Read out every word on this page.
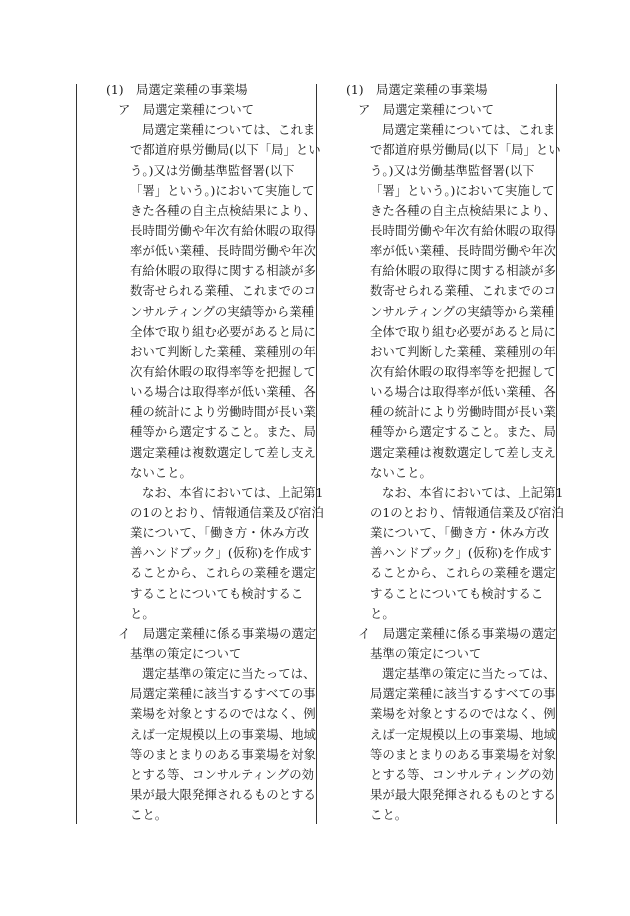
(1)　局選定業種の事業場
ア　局選定業種について
局選定業種については、これま
で都道府県労働局(以下「局」とい
う。)又は労働基準監督署(以下
「署」という。)において実施して
きた各種の自主点検結果により、
長時間労働や年次有給休暇の取得
率が低い業種、長時間労働や年次
有給休暇の取得に関する相談が多
数寄せられる業種、これまでのコ
ンサルティングの実績等から業種
全体で取り組む必要があると局に
おいて判断した業種、業種別の年
次有給休暇の取得率等を把握して
いる場合は取得率が低い業種、各
種の統計により労働時間が長い業
種等から選定すること。また、局
選定業種は複数選定して差し支え
ないこと。
なお、本省においては、上記第1
の1のとおり、情報通信業及び宿泊
業について、「働き方・休み方改
善ハンドブック」(仮称)を作成す
ることから、これらの業種を選定
することについても検討するこ
と。
イ　局選定業種に係る事業場の選定
基準の策定について
選定基準の策定に当たっては、
局選定業種に該当するすべての事
業場を対象とするのではなく、例
えば一定規模以上の事業場、地域
等のまとまりのある事業場を対象
とする等、コンサルティングの効
果が最大限発揮されるものとする
こと。
(1)　局選定業種の事業場
ア　局選定業種について
局選定業種については、これま
で都道府県労働局(以下「局」とい
う。)又は労働基準監督署(以下
「署」という。)において実施して
きた各種の自主点検結果により、
長時間労働や年次有給休暇の取得
率が低い業種、長時間労働や年次
有給休暇の取得に関する相談が多
数寄せられる業種、これまでのコ
ンサルティングの実績等から業種
全体で取り組む必要があると局に
おいて判断した業種、業種別の年
次有給休暇の取得率等を把握して
いる場合は取得率が低い業種、各
種の統計により労働時間が長い業
種等から選定すること。また、局
選定業種は複数選定して差し支え
ないこと。
なお、本省においては、上記第1
の1のとおり、情報通信業及び宿泊
業について、「働き方・休み方改
善ハンドブック」(仮称)を作成す
ることから、これらの業種を選定
することについても検討するこ
と。
イ　局選定業種に係る事業場の選定
基準の策定について
選定基準の策定に当たっては、
局選定業種に該当するすべての事
業場を対象とするのではなく、例
えば一定規模以上の事業場、地域
等のまとまりのある事業場を対象
とする等、コンサルティングの効
果が最大限発揮されるものとする
こと。
